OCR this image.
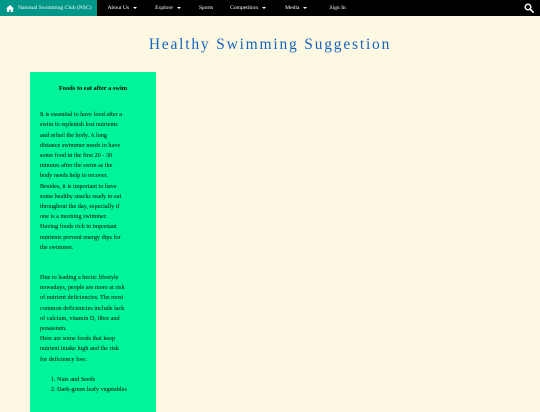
National Swimming Club (NSC)	About Us	Explore	Sports	Competition	Media	Sign In
Healthy Swimming Suggestion
Foods to eat after a swim

It is essential to have food after a
swim to replenish lost nutrients
and refuel the body. A long
distance swimmer needs to have
some food in the first 20 - 30
minutes after the swim as the
body needs help to recover.
Besides, it is important to have
some healthy snacks ready to eat
throughout the day, especially if
one is a morning swimmer.
Having foods rich in important
nutrients prevent energy dips for
the swimmer.

Due to leading a hectic lifestyle
nowadays, people are more at risk
of nutrient deficiencies. The most
common deficiencies include lack
of calcium, vitamin D, fibre and
potassium.
Here are some foods that keep
nutrient intake high and the risk
for deficiency low:

1. Nuts and Seeds
2. Dark-green leafy vegetables
